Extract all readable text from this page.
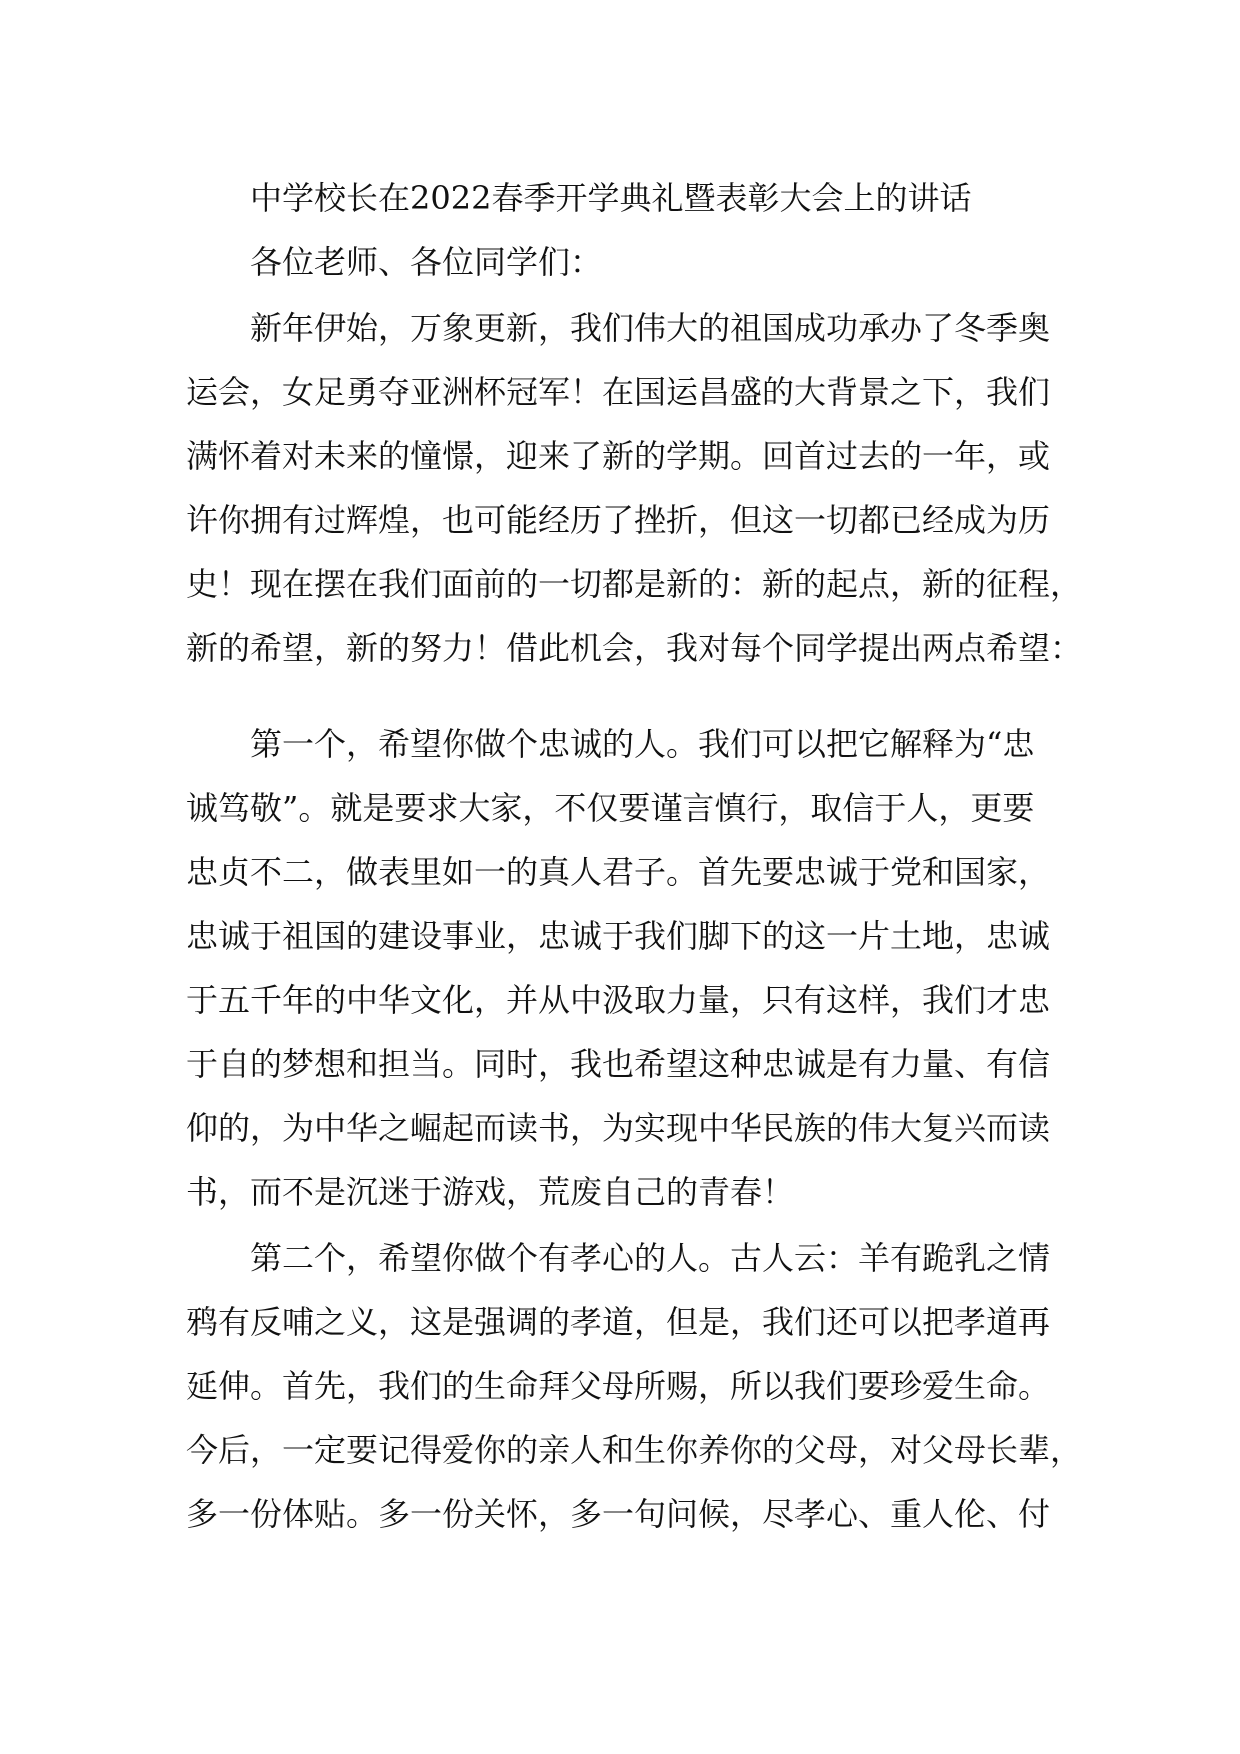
中学校长在2022春季开学典礼暨表彰大会上的讲话
各位老师、各位同学们：
新年伊始，万象更新，我们伟大的祖国成功承办了冬季奥
运会，女足勇夺亚洲杯冠军！在国运昌盛的大背景之下，我们
满怀着对未来的憧憬，迎来了新的学期。回首过去的一年，或
许你拥有过辉煌，也可能经历了挫折，但这一切都已经成为历
史！现在摆在我们面前的一切都是新的：新的起点，新的征程，
新的希望，新的努力！借此机会，我对每个同学提出两点希望：
第一个，希望你做个忠诚的人。我们可以把它解释为“忠
诚笃敬”。就是要求大家，不仅要谨言慎行，取信于人，更要
忠贞不二，做表里如一的真人君子。首先要忠诚于党和国家，
忠诚于祖国的建设事业，忠诚于我们脚下的这一片土地，忠诚
于五千年的中华文化，并从中汲取力量，只有这样，我们才忠
于自的梦想和担当。同时，我也希望这种忠诚是有力量、有信
仰的，为中华之崛起而读书，为实现中华民族的伟大复兴而读
书，而不是沉迷于游戏，荒废自己的青春！
第二个，希望你做个有孝心的人。古人云：羊有跪乳之情
鸦有反哺之义，这是强调的孝道，但是，我们还可以把孝道再
延伸。首先，我们的生命拜父母所赐，所以我们要珍爱生命。
今后，一定要记得爱你的亲人和生你养你的父母，对父母长辈，
多一份体贴。多一份关怀，多一句问候，尽孝心、重人伦、付
